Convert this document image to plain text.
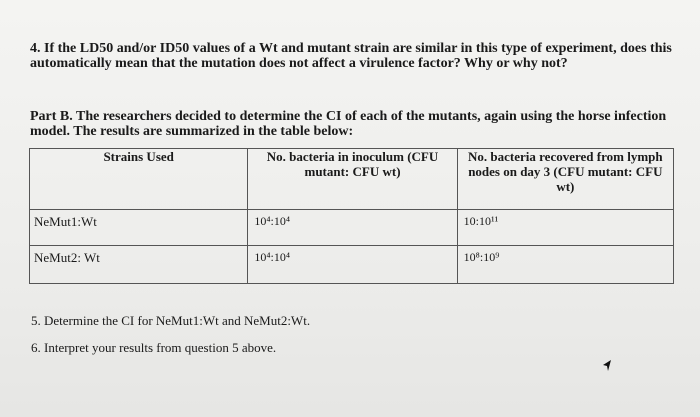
4. If the LD50 and/or ID50 values of a Wt and mutant strain are similar in this type of experiment, does this automatically mean that the mutation does not affect a virulence factor? Why or why not?
Part B. The researchers decided to determine the CI of each of the mutants, again using the horse infection model. The results are summarized in the table below:
Strains Used	No. bacteria in inoculum (CFU mutant: CFU wt)	No. bacteria recovered from lymph nodes on day 3 (CFU mutant: CFU wt)
NeMut1:Wt	10⁴:10⁴	10:10¹¹
NeMut2: Wt	10⁴:10⁴	10⁸:10⁹
5. Determine the CI for NeMut1:Wt and NeMut2:Wt.
6. Interpret your results from question 5 above.
